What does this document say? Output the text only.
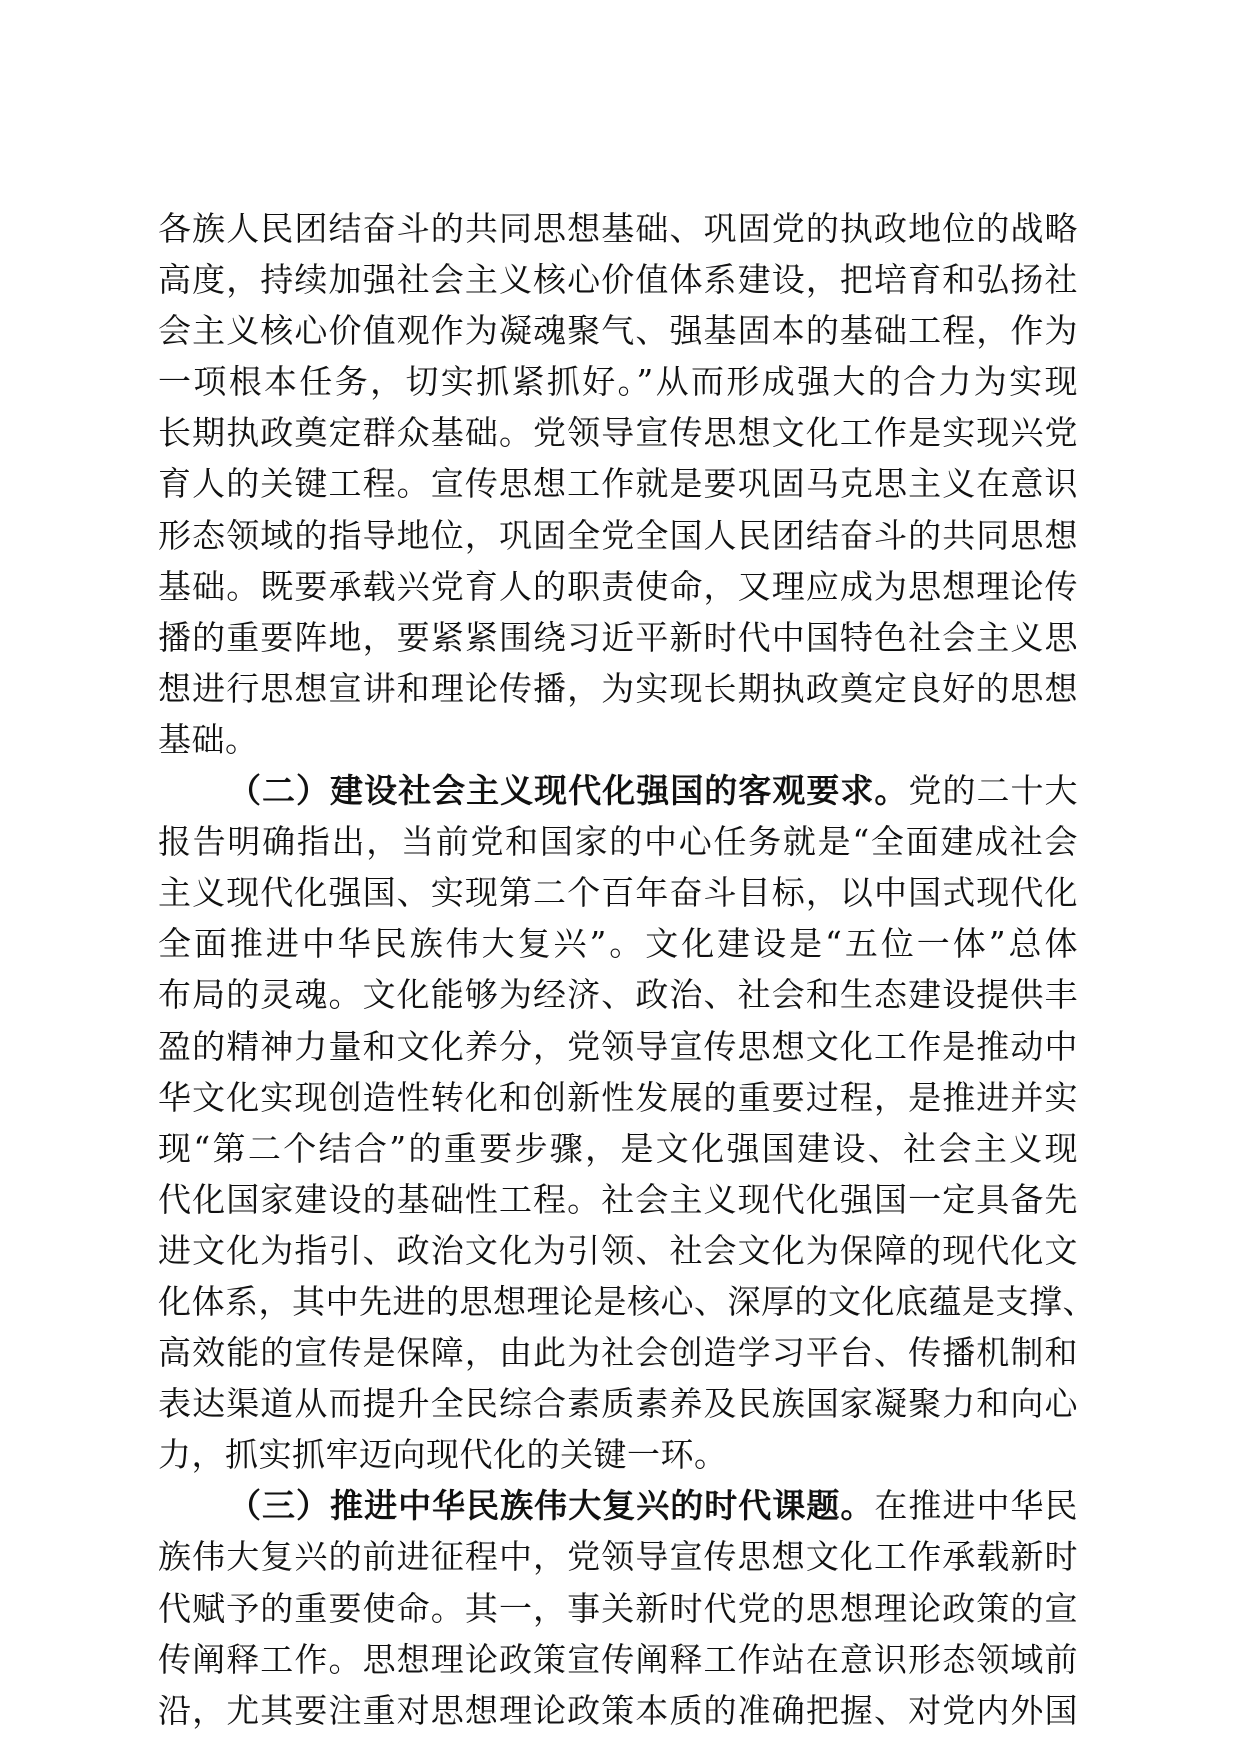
各族人民团结奋斗的共同思想基础、巩固党的执政地位的战略
高度，持续加强社会主义核心价值体系建设，把培育和弘扬社
会主义核心价值观作为凝魂聚气、强基固本的基础工程，作为
一项根本任务，切实抓紧抓好。”从而形成强大的合力为实现
长期执政奠定群众基础。党领导宣传思想文化工作是实现兴党
育人的关键工程。宣传思想工作就是要巩固马克思主义在意识
形态领域的指导地位，巩固全党全国人民团结奋斗的共同思想
基础。既要承载兴党育人的职责使命，又理应成为思想理论传
播的重要阵地，要紧紧围绕习近平新时代中国特色社会主义思
想进行思想宣讲和理论传播，为实现长期执政奠定良好的思想
基础。
（二）建设社会主义现代化强国的客观要求。党的二十大
报告明确指出，当前党和国家的中心任务就是“全面建成社会
主义现代化强国、实现第二个百年奋斗目标，以中国式现代化
全面推进中华民族伟大复兴”。文化建设是“五位一体”总体
布局的灵魂。文化能够为经济、政治、社会和生态建设提供丰
盈的精神力量和文化养分，党领导宣传思想文化工作是推动中
华文化实现创造性转化和创新性发展的重要过程，是推进并实
现“第二个结合”的重要步骤，是文化强国建设、社会主义现
代化国家建设的基础性工程。社会主义现代化强国一定具备先
进文化为指引、政治文化为引领、社会文化为保障的现代化文
化体系，其中先进的思想理论是核心、深厚的文化底蕴是支撑、
高效能的宣传是保障，由此为社会创造学习平台、传播机制和
表达渠道从而提升全民综合素质素养及民族国家凝聚力和向心
力，抓实抓牢迈向现代化的关键一环。
（三）推进中华民族伟大复兴的时代课题。在推进中华民
族伟大复兴的前进征程中，党领导宣传思想文化工作承载新时
代赋予的重要使命。其一，事关新时代党的思想理论政策的宣
传阐释工作。思想理论政策宣传阐释工作站在意识形态领域前
沿，尤其要注重对思想理论政策本质的准确把握、对党内外国
